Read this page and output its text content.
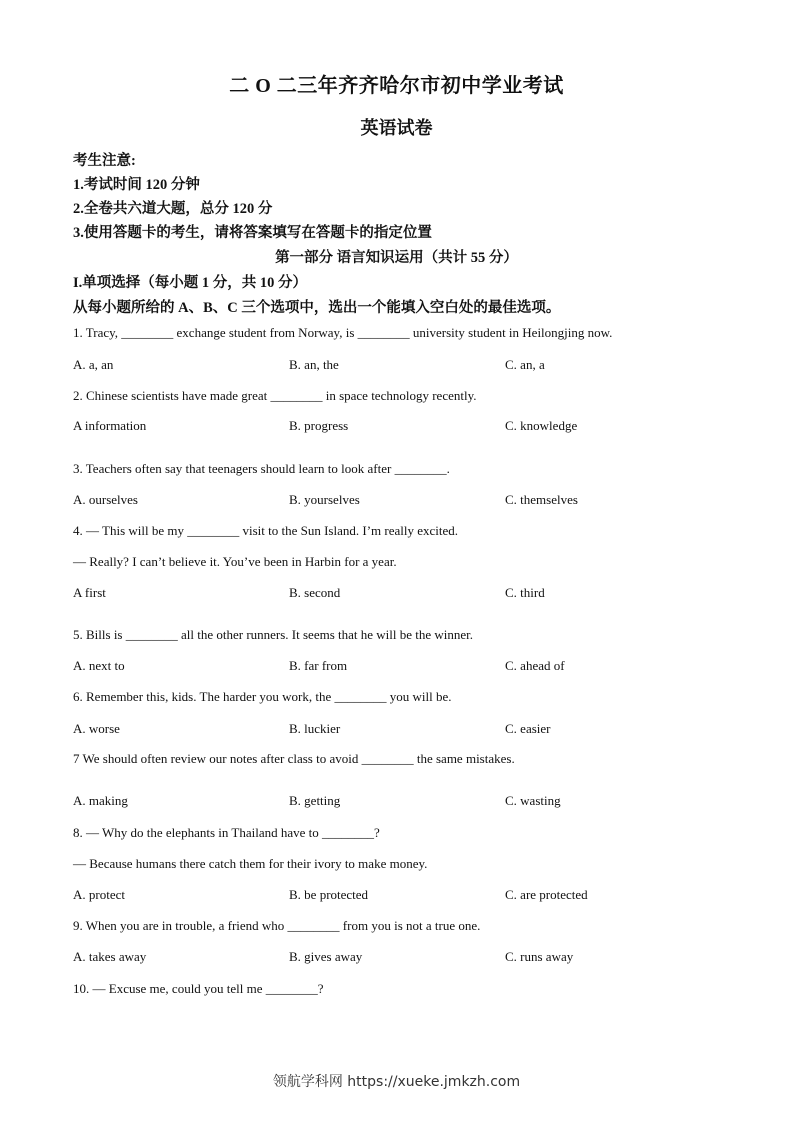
二 O 二三年齐齐哈尔市初中学业考试
英语试卷
考生注意:
1.考试时间 120 分钟
2.全卷共六道大题，总分 120 分
3.使用答题卡的考生，请将答案填写在答题卡的指定位置
第一部分 语言知识运用（共计 55 分）
I.单项选择（每小题 1 分，共 10 分）
从每小题所给的 A、B、C 三个选项中，选出一个能填入空白处的最佳选项。
1. Tracy, ________ exchange student from Norway, is ________ university student in Heilongjing now.
A. a, an	B. an, the	C. an, a
2. Chinese scientists have made great ________ in space technology recently.
A information	B. progress	C. knowledge
3. Teachers often say that teenagers should learn to look after ________.
A. ourselves	B. yourselves	C. themselves
4. — This will be my ________ visit to the Sun Island. I’m really excited.
— Really? I can’t believe it. You’ve been in Harbin for a year.
A first	B. second	C. third
5. Bills is ________ all the other runners. It seems that he will be the winner.
A. next to	B. far from	C. ahead of
6. Remember this, kids. The harder you work, the ________ you will be.
A. worse	B. luckier	C. easier
7 We should often review our notes after class to avoid ________ the same mistakes.
A. making	B. getting	C. wasting
8. — Why do the elephants in Thailand have to ________?
— Because humans there catch them for their ivory to make money.
A. protect	B. be protected	C. are protected
9. When you are in trouble, a friend who ________ from you is not a true one.
A. takes away	B. gives away	C. runs away
10. — Excuse me, could you tell me ________?
领航学科网 https://xueke.jmkzh.com
